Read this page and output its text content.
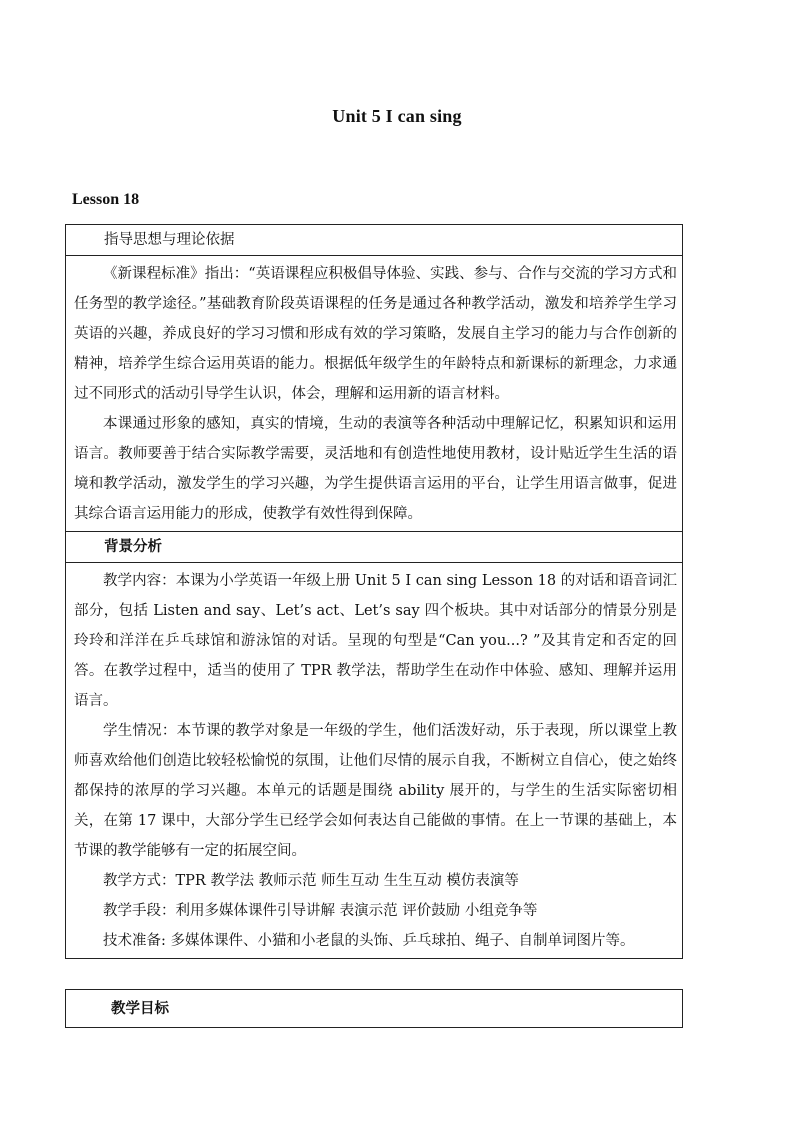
Unit 5 I can sing
Lesson 18
指导思想与理论依据

《新课程标准》指出：“英语课程应积极倡导体验、实践、参与、合作与交流的学习方式和任务型的教学途径。”基础教育阶段英语课程的任务是通过各种教学活动，激发和培养学生学习英语的兴趣，养成良好的学习习惯和形成有效的学习策略，发展自主学习的能力与合作创新的精神，培养学生综合运用英语的能力。根据低年级学生的年龄特点和新课标的新理念，力求通过不同形式的活动引导学生认识，体会，理解和运用新的语言材料。

本课通过形象的感知，真实的情境，生动的表演等各种活动中理解记忆，积累知识和运用语言。教师要善于结合实际教学需要，灵活地和有创造性地使用教材，设计贴近学生生活的语境和教学活动，激发学生的学习兴趣，为学生提供语言运用的平台，让学生用语言做事，促进其综合语言运用能力的形成，使教学有效性得到保障。

背景分析

教学内容：本课为小学英语一年级上册 Unit 5 I can sing Lesson 18 的对话和语音词汇部分，包括 Listen and say、Let’s act、Let’s say 四个板块。其中对话部分的情景分别是玲玲和洋洋在乒乓球馆和游泳馆的对话。呈现的句型是“Can you...? ”及其肯定和否定的回答。在教学过程中，适当的使用了 TPR 教学法，帮助学生在动作中体验、感知、理解并运用语言。

学生情况：本节课的教学对象是一年级的学生，他们活泼好动，乐于表现，所以课堂上教师喜欢给他们创造比较轻松愉悦的氛围，让他们尽情的展示自我，不断树立自信心，使之始终都保持的浓厚的学习兴趣。本单元的话题是围绕 ability 展开的，与学生的生活实际密切相关，在第 17 课中，大部分学生已经学会如何表达自己能做的事情。在上一节课的基础上，本节课的教学能够有一定的拓展空间。

教学方式：TPR 教学法 教师示范 师生互动 生生互动 模仿表演等

教学手段：利用多媒体课件引导讲解 表演示范 评价鼓励 小组竞争等

技术准备: 多媒体课件、小猫和小老鼠的头饰、乒乓球拍、绳子、自制单词图片等。

教学目标
